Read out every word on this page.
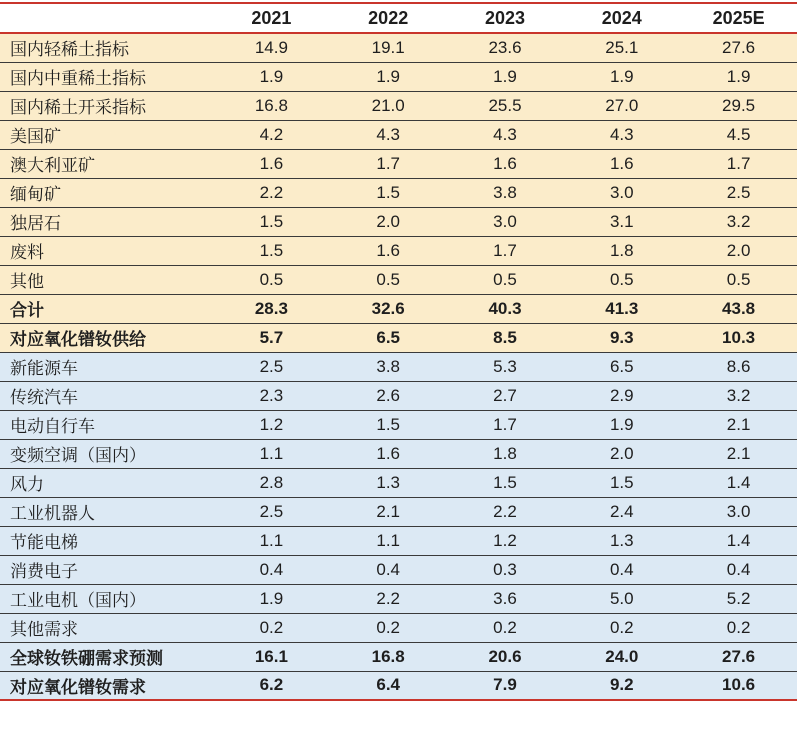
	2021	2022	2023	2024	2025E
国内轻稀土指标	14.9	19.1	23.6	25.1	27.6
国内中重稀土指标	1.9	1.9	1.9	1.9	1.9
国内稀土开采指标	16.8	21.0	25.5	27.0	29.5
美国矿	4.2	4.3	4.3	4.3	4.5
澳大利亚矿	1.6	1.7	1.6	1.6	1.7
缅甸矿	2.2	1.5	3.8	3.0	2.5
独居石	1.5	2.0	3.0	3.1	3.2
废料	1.5	1.6	1.7	1.8	2.0
其他	0.5	0.5	0.5	0.5	0.5
合计	28.3	32.6	40.3	41.3	43.8
对应氧化镨钕供给	5.7	6.5	8.5	9.3	10.3
新能源车	2.5	3.8	5.3	6.5	8.6
传统汽车	2.3	2.6	2.7	2.9	3.2
电动自行车	1.2	1.5	1.7	1.9	2.1
变频空调（国内）	1.1	1.6	1.8	2.0	2.1
风力	2.8	1.3	1.5	1.5	1.4
工业机器人	2.5	2.1	2.2	2.4	3.0
节能电梯	1.1	1.1	1.2	1.3	1.4
消费电子	0.4	0.4	0.3	0.4	0.4
工业电机（国内）	1.9	2.2	3.6	5.0	5.2
其他需求	0.2	0.2	0.2	0.2	0.2
全球钕铁硼需求预测	16.1	16.8	20.6	24.0	27.6
对应氧化镨钕需求	6.2	6.4	7.9	9.2	10.6
